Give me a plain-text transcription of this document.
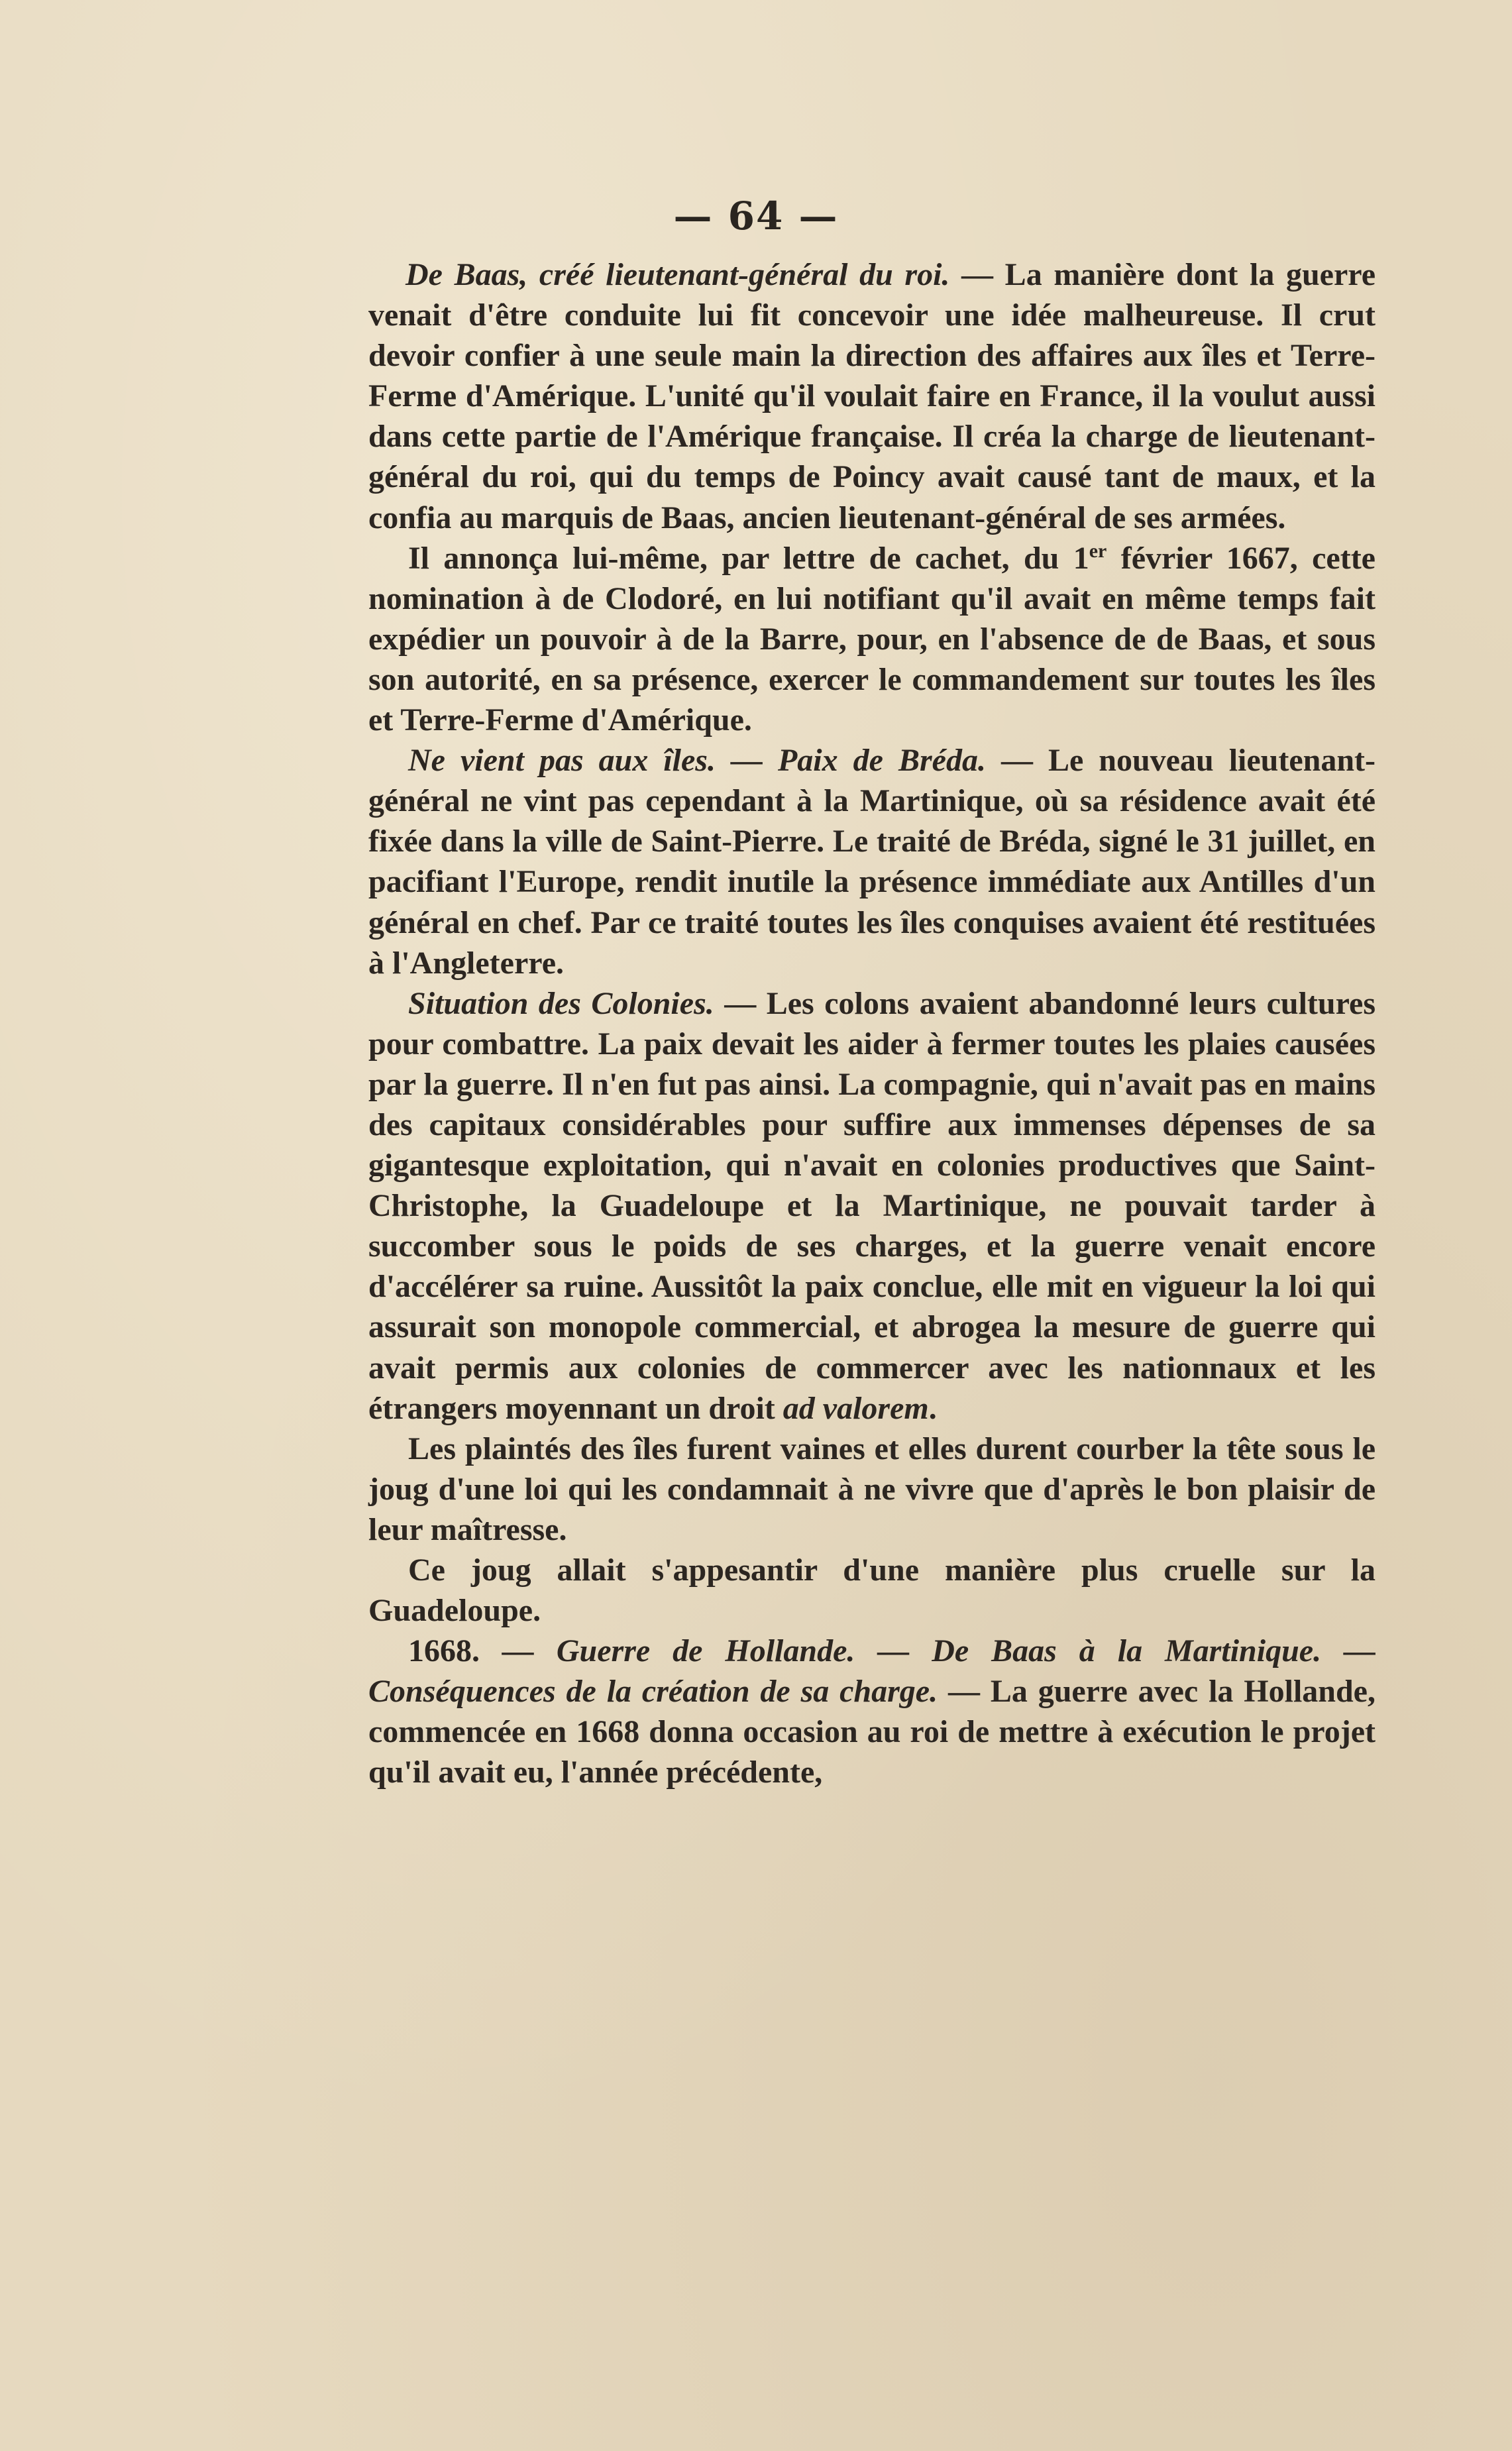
— 64 —

De Baas, créé lieutenant-général du roi. — La manière dont la guerre venait d'être conduite lui fit concevoir une idée malheureuse. Il crut devoir confier à une seule main la direction des affaires aux îles et Terre-Ferme d'Amérique. L'unité qu'il voulait faire en France, il la voulut aussi dans cette partie de l'Amérique française. Il créa la charge de lieutenant-général du roi, qui du temps de Poincy avait causé tant de maux, et la confia au marquis de Baas, ancien lieutenant-général de ses armées.

Il annonça lui-même, par lettre de cachet, du 1er février 1667, cette nomination à de Clodoré, en lui notifiant qu'il avait en même temps fait expédier un pouvoir à de la Barre, pour, en l'absence de de Baas, et sous son autorité, en sa présence, exercer le commandement sur toutes les îles et Terre-Ferme d'Amérique.

Ne vient pas aux îles. — Paix de Bréda. — Le nouveau lieutenant-général ne vint pas cependant à la Martinique, où sa résidence avait été fixée dans la ville de Saint-Pierre. Le traité de Bréda, signé le 31 juillet, en pacifiant l'Europe, rendit inutile la présence immédiate aux Antilles d'un général en chef. Par ce traité toutes les îles conquises avaient été restituées à l'Angleterre.

Situation des Colonies. — Les colons avaient abandonné leurs cultures pour combattre. La paix devait les aider à fermer toutes les plaies causées par la guerre. Il n'en fut pas ainsi. La compagnie, qui n'avait pas en mains des capitaux considérables pour suffire aux immenses dépenses de sa gigantesque exploitation, qui n'avait en colonies productives que Saint-Christophe, la Guadeloupe et la Martinique, ne pouvait tarder à succomber sous le poids de ses charges, et la guerre venait encore d'accélérer sa ruine. Aussitôt la paix conclue, elle mit en vigueur la loi qui assurait son monopole commercial, et abrogea la mesure de guerre qui avait permis aux colonies de commercer avec les nationnaux et les étrangers moyennant un droit ad valorem.

Les plaintés des îles furent vaines et elles durent courber la tête sous le joug d'une loi qui les condamnait à ne vivre que d'après le bon plaisir de leur maîtresse.

Ce joug allait s'appesantir d'une manière plus cruelle sur la Guadeloupe.

1668. — Guerre de Hollande. — De Baas à la Martinique. — Conséquences de la création de sa charge. — La guerre avec la Hollande, commencée en 1668 donna occasion au roi de mettre à exécution le projet qu'il avait eu, l'année précédente,
